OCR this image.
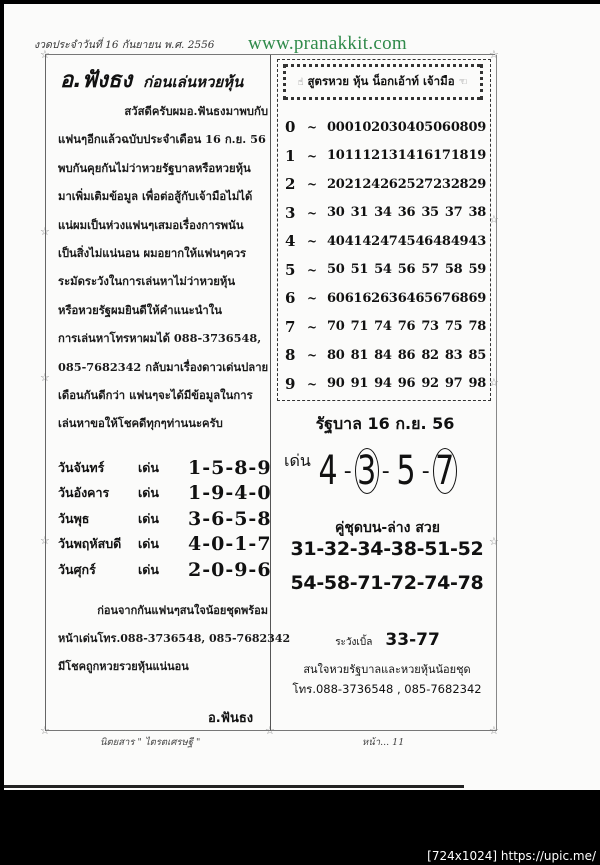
งวดประจำวันที่ 16 กันยายน พ.ศ. 2556 www.pranakkit.com
☆	☆
☆
☆
☆
☆
☆
☆
☆	☆	☆
อ.ฟังธง ก่อนเล่นหวยหุ้น
สวัสดีครับผมอ.ฟันธงมาพบกับ
แฟนๆอีกแล้วฉบับประจำเดือน 16 ก.ย. 56
พบกันคุยกันไม่ว่าหวยรัฐบาลหรือหวยหุ้น
มาเพิ่มเติมข้อมูล เพื่อต่อสู้กับเจ้ามือไม่ได้
แน่ผมเป็นห่วงแฟนๆเสมอเรื่องการพนัน
เป็นสิ่งไม่แน่นอน ผมอยากให้แฟนๆควร
ระมัดระวังในการเล่นหาไม่ว่าหวยหุ้น
หรือหวยรัฐผมยินดีให้คำแนะนำใน
การเล่นหาโทรหาผมได้ 088-3736548,
085-7682342 กลับมาเรื่องดาวเด่นปลาย
เดือนกันดีกว่า แฟนๆจะได้มีข้อมูลในการ
เล่นหาขอให้โชคดีทุกๆท่านนะครับ
วันจันทร์	เด่น	1-5-8-9
วันอังคาร	เด่น	1-9-4-0
วันพุธ	เด่น	3-6-5-8
วันพฤหัสบดี	เด่น	4-0-1-7
วันศุกร์	เด่น	2-0-9-6
ก่อนจากกันแฟนๆสนใจน้อยชุดพร้อม
หน้าเด่นโทร.088-3736548, 085-7682342
มีโชคถูกหวยรวยหุ้นแน่นอน
อ.ฟันธง
☝ สูตรหวย หุ้น น็อกเอ้าท์ เจ้ามือ ☜
0 ~ 00 01 02 03 04 05 06 08 09
1 ~ 10 11 12 13 14 16 17 18 19
2 ~ 20 21 24 26 25 27 23 28 29
3 ~ 30 31 34 36 35 37 38
4 ~ 40 41 42 47 45 46 48 49 43
5 ~ 50 51 54 56 57 58 59
6 ~ 60 61 62 63 64 65 67 68 69
7 ~ 70 71 74 76 73 75 78
8 ~ 80 81 84 86 82 83 85
9 ~ 90 91 94 96 92 97 98
รัฐบาล 16 ก.ย. 56
เด่น 4 - 3 - 5 - 7
คู่ชุดบน-ล่าง สวย
31-32-34-38-51-52
54-58-71-72-74-78
ระวังเบิ้ล 33-77
สนใจหวยรัฐบาลและหวยหุ้นน้อยชุด
โทร.088-3736548 , 085-7682342
นิตยสาร " ไตรตเศรษฐี "	หน้า... 11
[724x1024] https://upic.me/
